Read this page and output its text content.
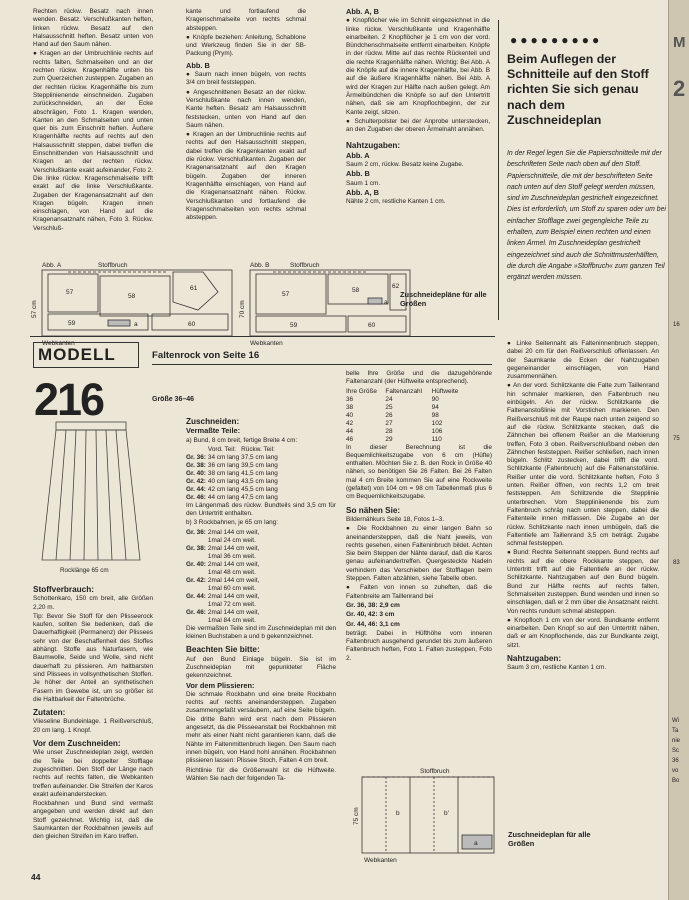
Rechten rückw. Besatz nach innen wenden. Besatz. Verschlußkanten heften, linken rückw. Besatz auf den Halsausschnitt heften. Besatz unten von Hand auf den Saum nähen.

● Kragen an der Umbruchlinie rechts auf rechts falten, Schmalseiten und an der rechten rückw. Kragenhälfte unten bis zum Querzeichen zusteppen. Zugaben an der rechten rückw. Kragenhälfte bis zum Stepplinienende einschneiden. Zugaben zurückschneiden, an der Ecke abschrägen, Foto 1. Kragen wenden, Kanten an den Schmalseiten und unten quer bis zum Einschnitt heften. Äußere Kragenhälfte rechts auf rechts auf den Halsausschnitt steppen, dabei treffen die Einschnittenden von Halsausschnitt und Kragen an der rechten rückw. Verschlußkante exakt aufeinander, Foto 2. Die linke rückw. Kragenschmalseite trifft exakt auf die linke Verschlußkante. Zugaben der Kragenansatznaht auf den Kragen bügeln. Kragen innen einschlagen, von Hand auf die Kragenansatznaht nähen, Foto 3. Rückw. Verschluß-

kante und fortlaufend die Kragenschmalseite von rechts schmal absteppen.

● Knöpfe beziehen: Anleitung, Schablone und Werkzeug finden Sie in der SB-Packung (Prym).

Abb. B

● Saum nach innen bügeln, von rechts 3/4 cm breit feststeppen.

● Angeschnittenen Besatz an der rückw. Verschlußkante nach innen wenden, Kante heften. Besatz am Halsausschnitt feststecken, unten von Hand auf den Saum nähen.

● Kragen an der Umbruchlinie rechts auf rechts auf den Halsausschnitt steppen, dabei treffen die Kragenkanten exakt auf die rückw. Verschlußkanten. Zugaben der Kragenansatznaht auf den Kragen bügeln. Zugaben der inneren Kragenhälfte einschlagen, von Hand auf die Kragenansatznaht nähen. Rückw. Verschlußkanten und fortlaufend die Kragenschmalseiten von rechts schmal absteppen.

Abb. A, B

● Knopflöcher wie im Schnitt eingezeichnet in die linke rückw. Verschlußkante und Kragenhälfte einarbeiten. 2 Knopflöcher je 1 cm von der vord. Bündchenschmalseite entfernt einarbeiten. Knöpfe in der rückw. Mitte auf das rechte Rückenteil und die rechte Kragenhälfte nähen. Wichtig: Bei Abb. A die Knöpfe auf die innere Kragenhälfte, bei Abb. B auf die äußere Kragenhälfte nähen. Bei Abb. A wird der Kragen zur Hälfte nach außen gelegt. Am Ärmelbündchen die Knöpfe so auf den Untertritt nähen, daß sie am Knopflochbeginn, der zur Kante zeigt, sitzen.

● Schulterpolster bei der Anprobe unterstecken, an den Zugaben der oberen Ärmelnaht annähen.

Nahtzugaben:

Abb. A

Saum 2 cm, rückw. Besatz keine Zugabe.

Abb. B

Saum 1 cm.

Abb. A, B

Nähte 2 cm, restliche Kanten 1 cm.

●●●●●●●●●
Beim Auflegen der Schnitteile auf den Stoff richten Sie sich genau nach dem Zuschneideplan
In der Regel legen Sie die Papierschnitteile mit der beschrifteten Seite nach oben auf den Stoff. Papierschnitteile, die mit der beschrifteten Seite nach unten auf den Stoff gelegt werden müssen, sind im Zuschneideplan gestrichelt eingezeichnet. Dies ist erforderlich, um Stoff zu sparen oder um bei einfacher Stofflage zwei gegengleiche Teile zu erhalten, zum Beispiel einen rechten und einen linken Ärmel. Im Zuschneideplan gestrichelt eingezeichnet sind auch die Schnittmusterhälften, die durch die Angabe »Stoffbruch« zum ganzen Teil ergänzt werden müssen.
Abb. A	Stoffbruch
57
58
59	60
61
a
Webkanten
57 cm
Abb. B	Stoffbruch
57
58
62
59	60
a
Webkanten
70 cm
Zuschneidepläne für alle Größen
MODELL
216
Faltenrock von Seite 16
Größe 36–46
Rocklänge 65 cm

Stoffverbrauch:

Schottenkaro, 150 cm breit, alle Größen 2,20 m.

Tip: Bevor Sie Stoff für den Plisseerock kaufen, sollten Sie bedenken, daß die Dauerhaftigkeit (Permanenz) der Plissees sehr von der Beschaffenheit des Stoffes abhängt. Stoffe aus Naturfasern, wie Baumwolle, Seide und Wolle, sind nicht dauerhaft zu plissieren. Am haltbarsten sind Plissees in vollsynthetischen Stoffen. Je höher der Anteil an synthetischen Fasern im Gewebe ist, um so größer ist die Haltbarkeit der Faltenbrüche.

Zutaten:

Vlieseline Bundeinlage. 1 Reißverschluß, 20 cm lang. 1 Knopf.

Vor dem Zuschneiden:

Wie unser Zuschneideplan zeigt, werden die Teile bei doppelter Stofflage zugeschnitten. Den Stoff der Länge nach rechts auf rechts falten, die Webkanten treffen aufeinander. Die Streifen der Karos exakt aufeinanderstecken.

Rockbahnen und Bund sind vermaßt angegeben und werden direkt auf den Stoff gezeichnet. Wichtig ist, daß die Saumkanten der Rockbahnen jeweils auf den gleichen Streifen im Karo treffen.

Zuschneiden:

Vermaßte Teile:

a) Bund, 8 cm breit, fertige Breite 4 cm:

	Vord. Teil:	Rückw. Teil:
Gr. 36:	34 cm lang	37,5 cm lang
Gr. 38:	36 cm lang	39,5 cm lang
Gr. 40:	38 cm lang	41,5 cm lang
Gr. 42:	40 cm lang	43,5 cm lang
Gr. 44:	42 cm lang	45,5 cm lang
Gr. 46:	44 cm lang	47,5 cm lang

Im Längenmaß des rückw. Bundteils sind 3,5 cm für den Untertritt enthalten.

b) 3 Rockbahnen, je 65 cm lang:

Gr. 36:	2mal 144 cm weit,
	1mal 24 cm weit.
Gr. 38:	2mal 144 cm weit,
	1mal 36 cm weit.
Gr. 40:	2mal 144 cm weit,
	1mal 48 cm weit.
Gr. 42:	2mal 144 cm weit,
	1mal 60 cm weit.
Gr. 44:	2mal 144 cm weit,
	1mal 72 cm weit.
Gr. 46:	2mal 144 cm weit,
	1mal 84 cm weit.

Die vermaßten Teile sind im Zuschneideplan mit den kleinen Buchstaben a und b gekennzeichnet.

Beachten Sie bitte:

Auf den Bund Einlage bügeln. Sie ist im Zuschneideplan mit gepunkteter Fläche gekennzeichnet.

Vor dem Plissieren:

Die schmale Rockbahn und eine breite Rockbahn rechts auf rechts aneinandersteppen. Zugaben zusammengefaßt versäubern, auf eine Seite bügeln. Die dritte Bahn wird erst nach dem Plissieren angesetzt, da die Plisseeanstalt bei Rockbahnen mit mehr als einer Naht nicht garantieren kann, daß die Nähte im Faltenmittenbruch liegen. Den Saum nach innen bügeln, von Hand hohl annähen. Rockbahnen plissieren lassen: Plissee Stoch, Falten 4 cm breit.

Richtlinie für die Größenwahl ist die Hüftweite. Wählen Sie nach der folgenden Ta-

belle Ihre Größe und die dazugehörende Faltenanzahl (der Hüftweite entsprechend).

Ihre Größe	Faltenanzahl	Hüftweite
36	24	90
38	25	94
40	26	98
42	27	102
44	28	106
46	29	110

In dieser Berechnung ist die Bequemlichkeitszugabe von 6 cm (Hüfte) enthalten. Möchten Sie z. B. den Rock in Größe 40 nähen, so benötigen Sie 26 Falten. Bei 26 Falten mal 4 cm Breite kommen Sie auf eine Rockweite (gefaltet) von 104 cm = 98 cm Tabellenmaß plus 6 cm Bequemlichkeitszugabe.

So nähen Sie:

Bildernähkurs Seite 18, Fotos 1–3.

● Die Rockbahnen zu einer langen Bahn so aneinandersteppen, daß die Naht jeweils, von rechts gesehen, einen Falteninbruch bildet. Achten Sie beim Steppen der Nähte darauf, daß die Karos genau aufeinandertreffen. Quergesteckte Nadeln verhindern das Verschieben der Stofflagen beim Steppen. Falten abzählen, siehe Tabelle oben.

● Falten von innen so zuheften, daß die Faltenbreite am Taillenrand bei

Gr. 36, 38: 2,9 cm

Gr. 40, 42: 3 cm

Gr. 44, 46: 3,1 cm

beträgt. Dabei in Hüfthöhe vom inneren Faltenbruch ausgehend gerundet bis zum äußeren Faltenbruch heften, Foto 1. Falten zusteppen, Foto 2.

● Linke Seitennaht als Falteninnenbruch steppen, dabei 20 cm für den Reißverschluß offenlassen. An der Saumkante die Ecken der Nahtzugaben gegeneinander einschlagen, von Hand zusammennähen.

● An der vord. Schlitzkante die Falte zum Taillenrand hin schmaler markieren, den Faltenbruch neu einbügeln. An der rückw. Schlitzkante die Faltenanstoßlinie mit Vorstichen markieren. Den Reißverschluß mit der Raupe nach unten zeigend so auf die rückw. Schlitzkante stecken, daß die Zähnchen bei offenem Reißer an die Markierung treffen, Foto 3 oben. Reißverschlußband neben den Zähnchen feststeppen. Reißer schließen, nach innen bügeln. Schlitz zustecken, dabei trifft die vord. Schlitzkante (Faltenbruch) auf die Faltenanstoßlinie. Reißer unter die vord. Schlitzkante heften, Foto 3 unten. Reißer öffnen, von rechts 1,2 cm breit feststeppen. Am Schlitzende die Stepplinie unterbrechen. Vom Steppliniienende bis zum Faltenbruch schräg nach unten steppen, dabei die Faltenteile innen mitfassen. Die Zugabe an der rückw. Schlitzkante nach innen umbügeln, daß die Faltentiefe am Taillenrand 3,5 cm beträgt. Zugabe schmal feststeppen.

● Bund: Rechte Seitennaht steppen. Bund rechts auf rechts auf die obere Rockkante steppen, der Untertritt trifft auf die Faltentiefe an der rückw. Schlitzkante. Nahtzugaben auf den Bund bügeln. Bund zur Hälfte rechts auf rechts falten, Schmalseiten zusteppen. Bund wenden und innen so einschlagen, daß er 2 mm über die Ansatznaht reicht. Von rechts rundum schmal absteppen.

● Knopfloch 1 cm von der vord. Bundkante entfernt einarbeiten. Den Knopf so auf den Untertritt nähen, daß er am Knopflochende, das zur Bundkante zeigt, sitzt.

Nahtzugaben:

Saum 3 cm, restliche Kanten 1 cm.

Stoffbruch
Webkanten
75 cm	b	b'
a
Zuschneideplan für alle Größen
44
M
2
16
75
83
Wi
Ta
nie
Sc
36
vo
Bo
